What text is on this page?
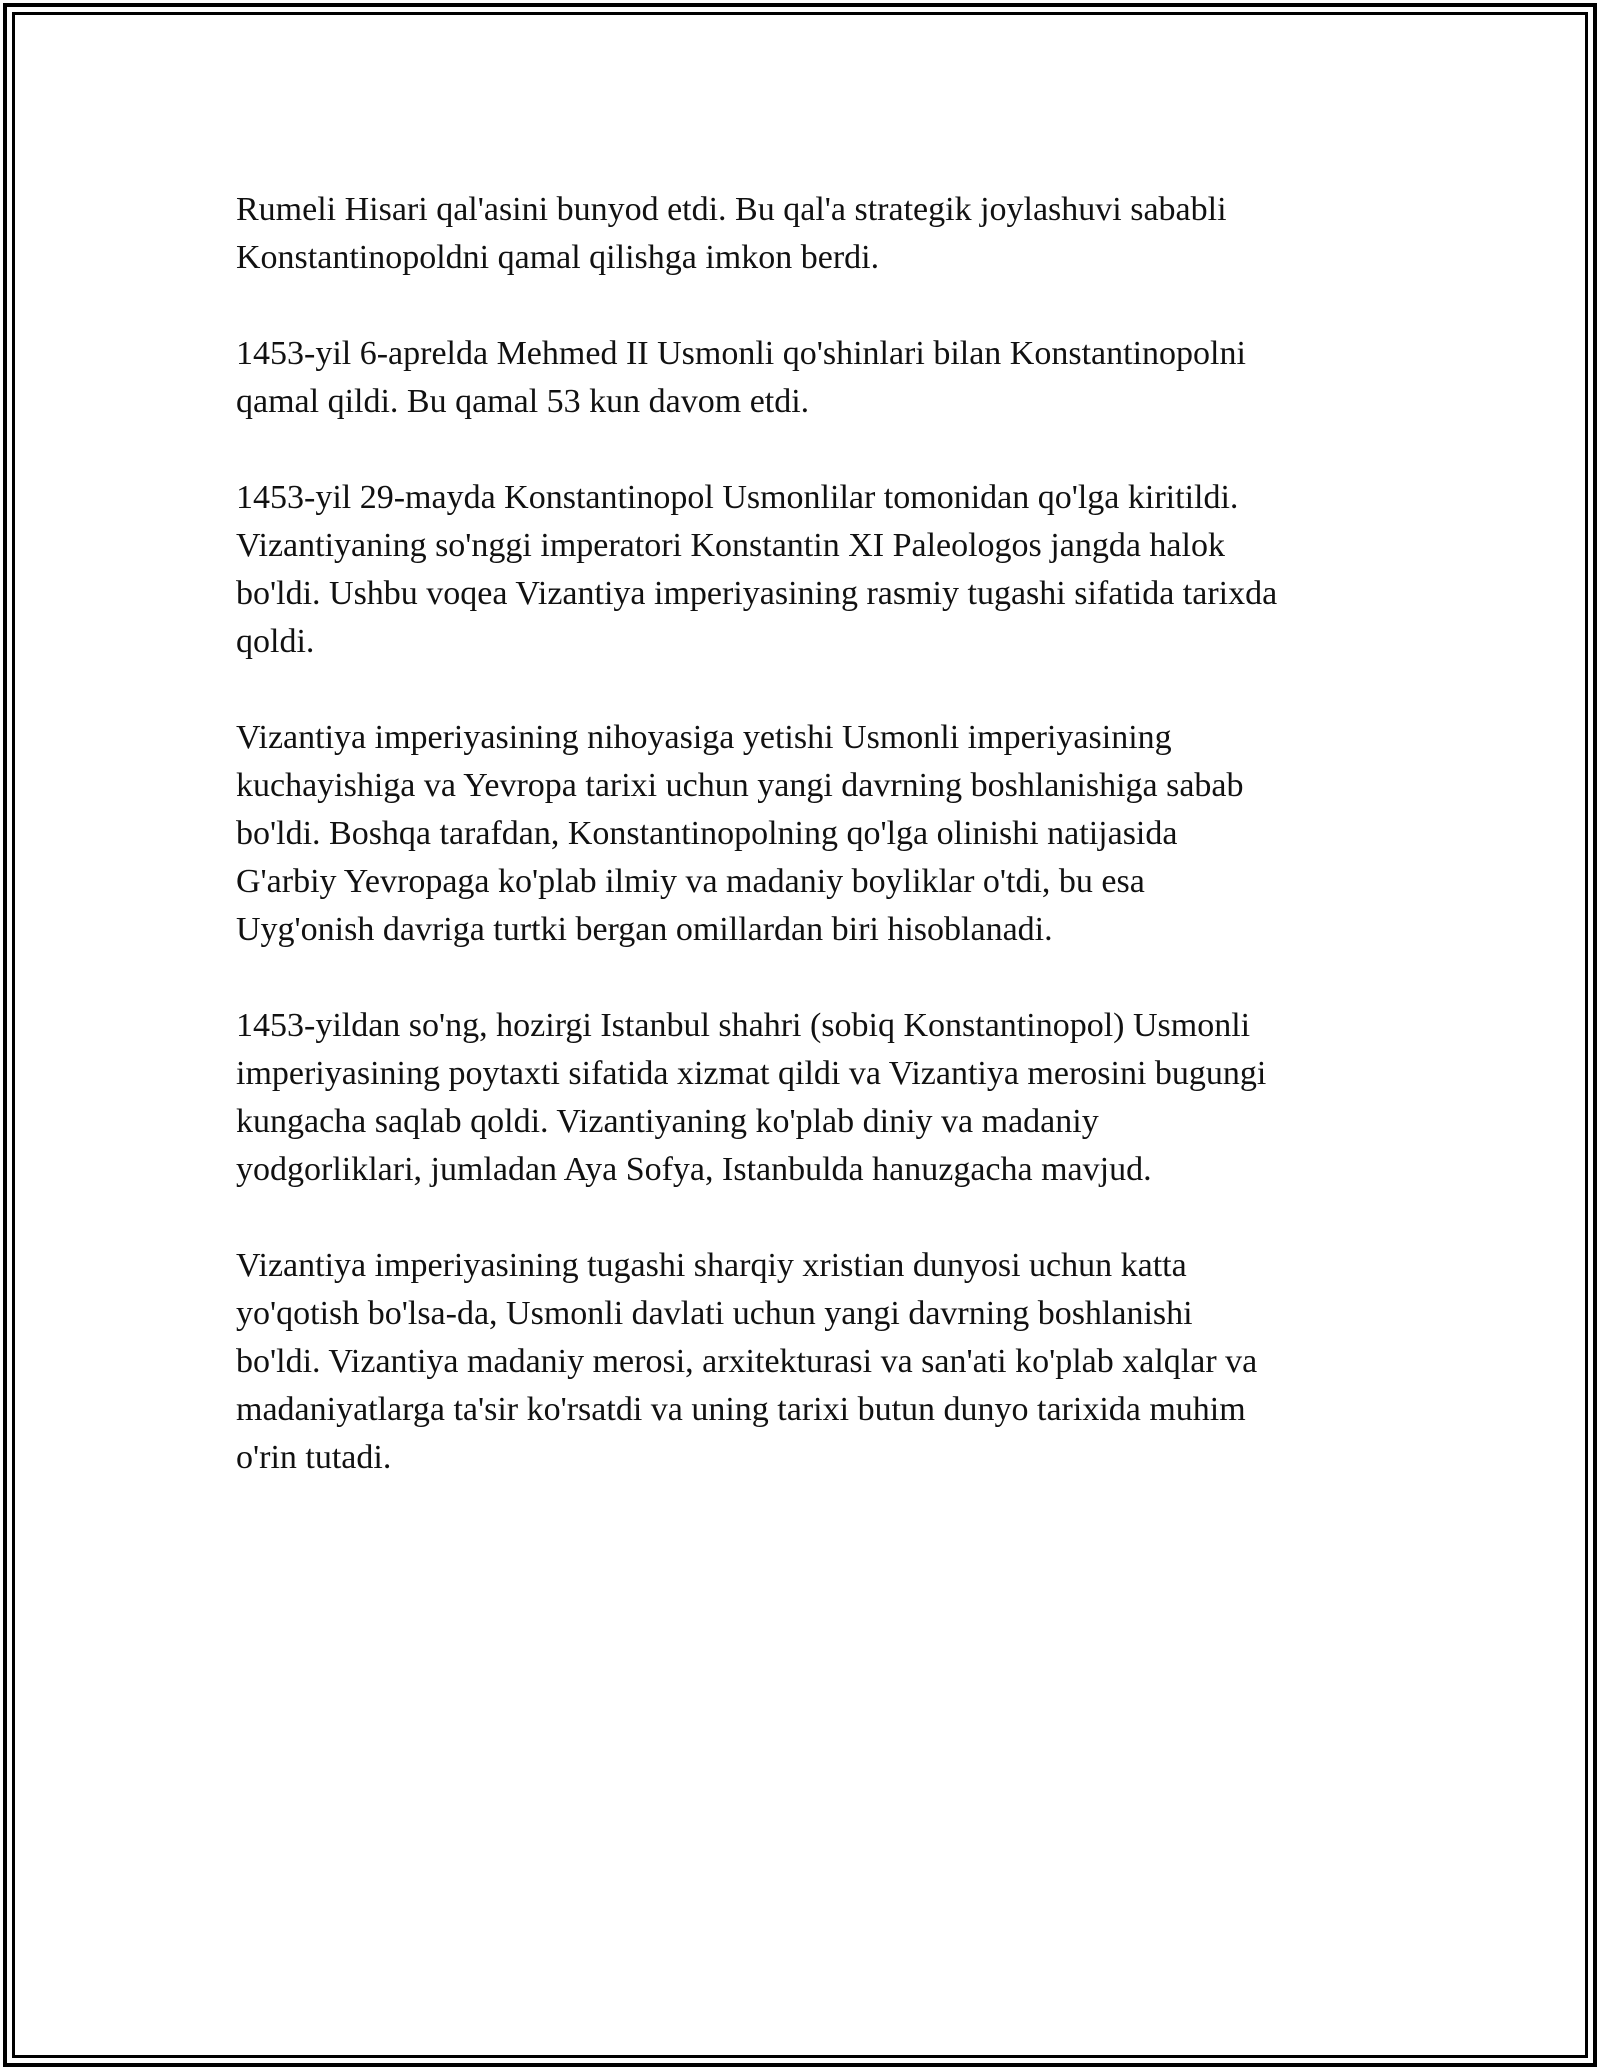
Rumeli Hisari qal'asini bunyod etdi. Bu qal'a strategik joylashuvi sababli
Konstantinopoldni qamal qilishga imkon berdi.

1453-yil 6-aprelda Mehmed II Usmonli qo'shinlari bilan Konstantinopolni
qamal qildi. Bu qamal 53 kun davom etdi.

1453-yil 29-mayda Konstantinopol Usmonlilar tomonidan qo'lga kiritildi.
Vizantiyaning so'nggi imperatori Konstantin XI Paleologos jangda halok
bo'ldi. Ushbu voqea Vizantiya imperiyasining rasmiy tugashi sifatida tarixda
qoldi.

Vizantiya imperiyasining nihoyasiga yetishi Usmonli imperiyasining
kuchayishiga va Yevropa tarixi uchun yangi davrning boshlanishiga sabab
bo'ldi. Boshqa tarafdan, Konstantinopolning qo'lga olinishi natijasida
G'arbiy Yevropaga ko'plab ilmiy va madaniy boyliklar o'tdi, bu esa
Uyg'onish davriga turtki bergan omillardan biri hisoblanadi.

1453-yildan so'ng, hozirgi Istanbul shahri (sobiq Konstantinopol) Usmonli
imperiyasining poytaxti sifatida xizmat qildi va Vizantiya merosini bugungi
kungacha saqlab qoldi. Vizantiyaning ko'plab diniy va madaniy
yodgorliklari, jumladan Aya Sofya, Istanbulda hanuzgacha mavjud.

Vizantiya imperiyasining tugashi sharqiy xristian dunyosi uchun katta
yo'qotish bo'lsa-da, Usmonli davlati uchun yangi davrning boshlanishi
bo'ldi. Vizantiya madaniy merosi, arxitekturasi va san'ati ko'plab xalqlar va
madaniyatlarga ta'sir ko'rsatdi va uning tarixi butun dunyo tarixida muhim
o'rin tutadi.
